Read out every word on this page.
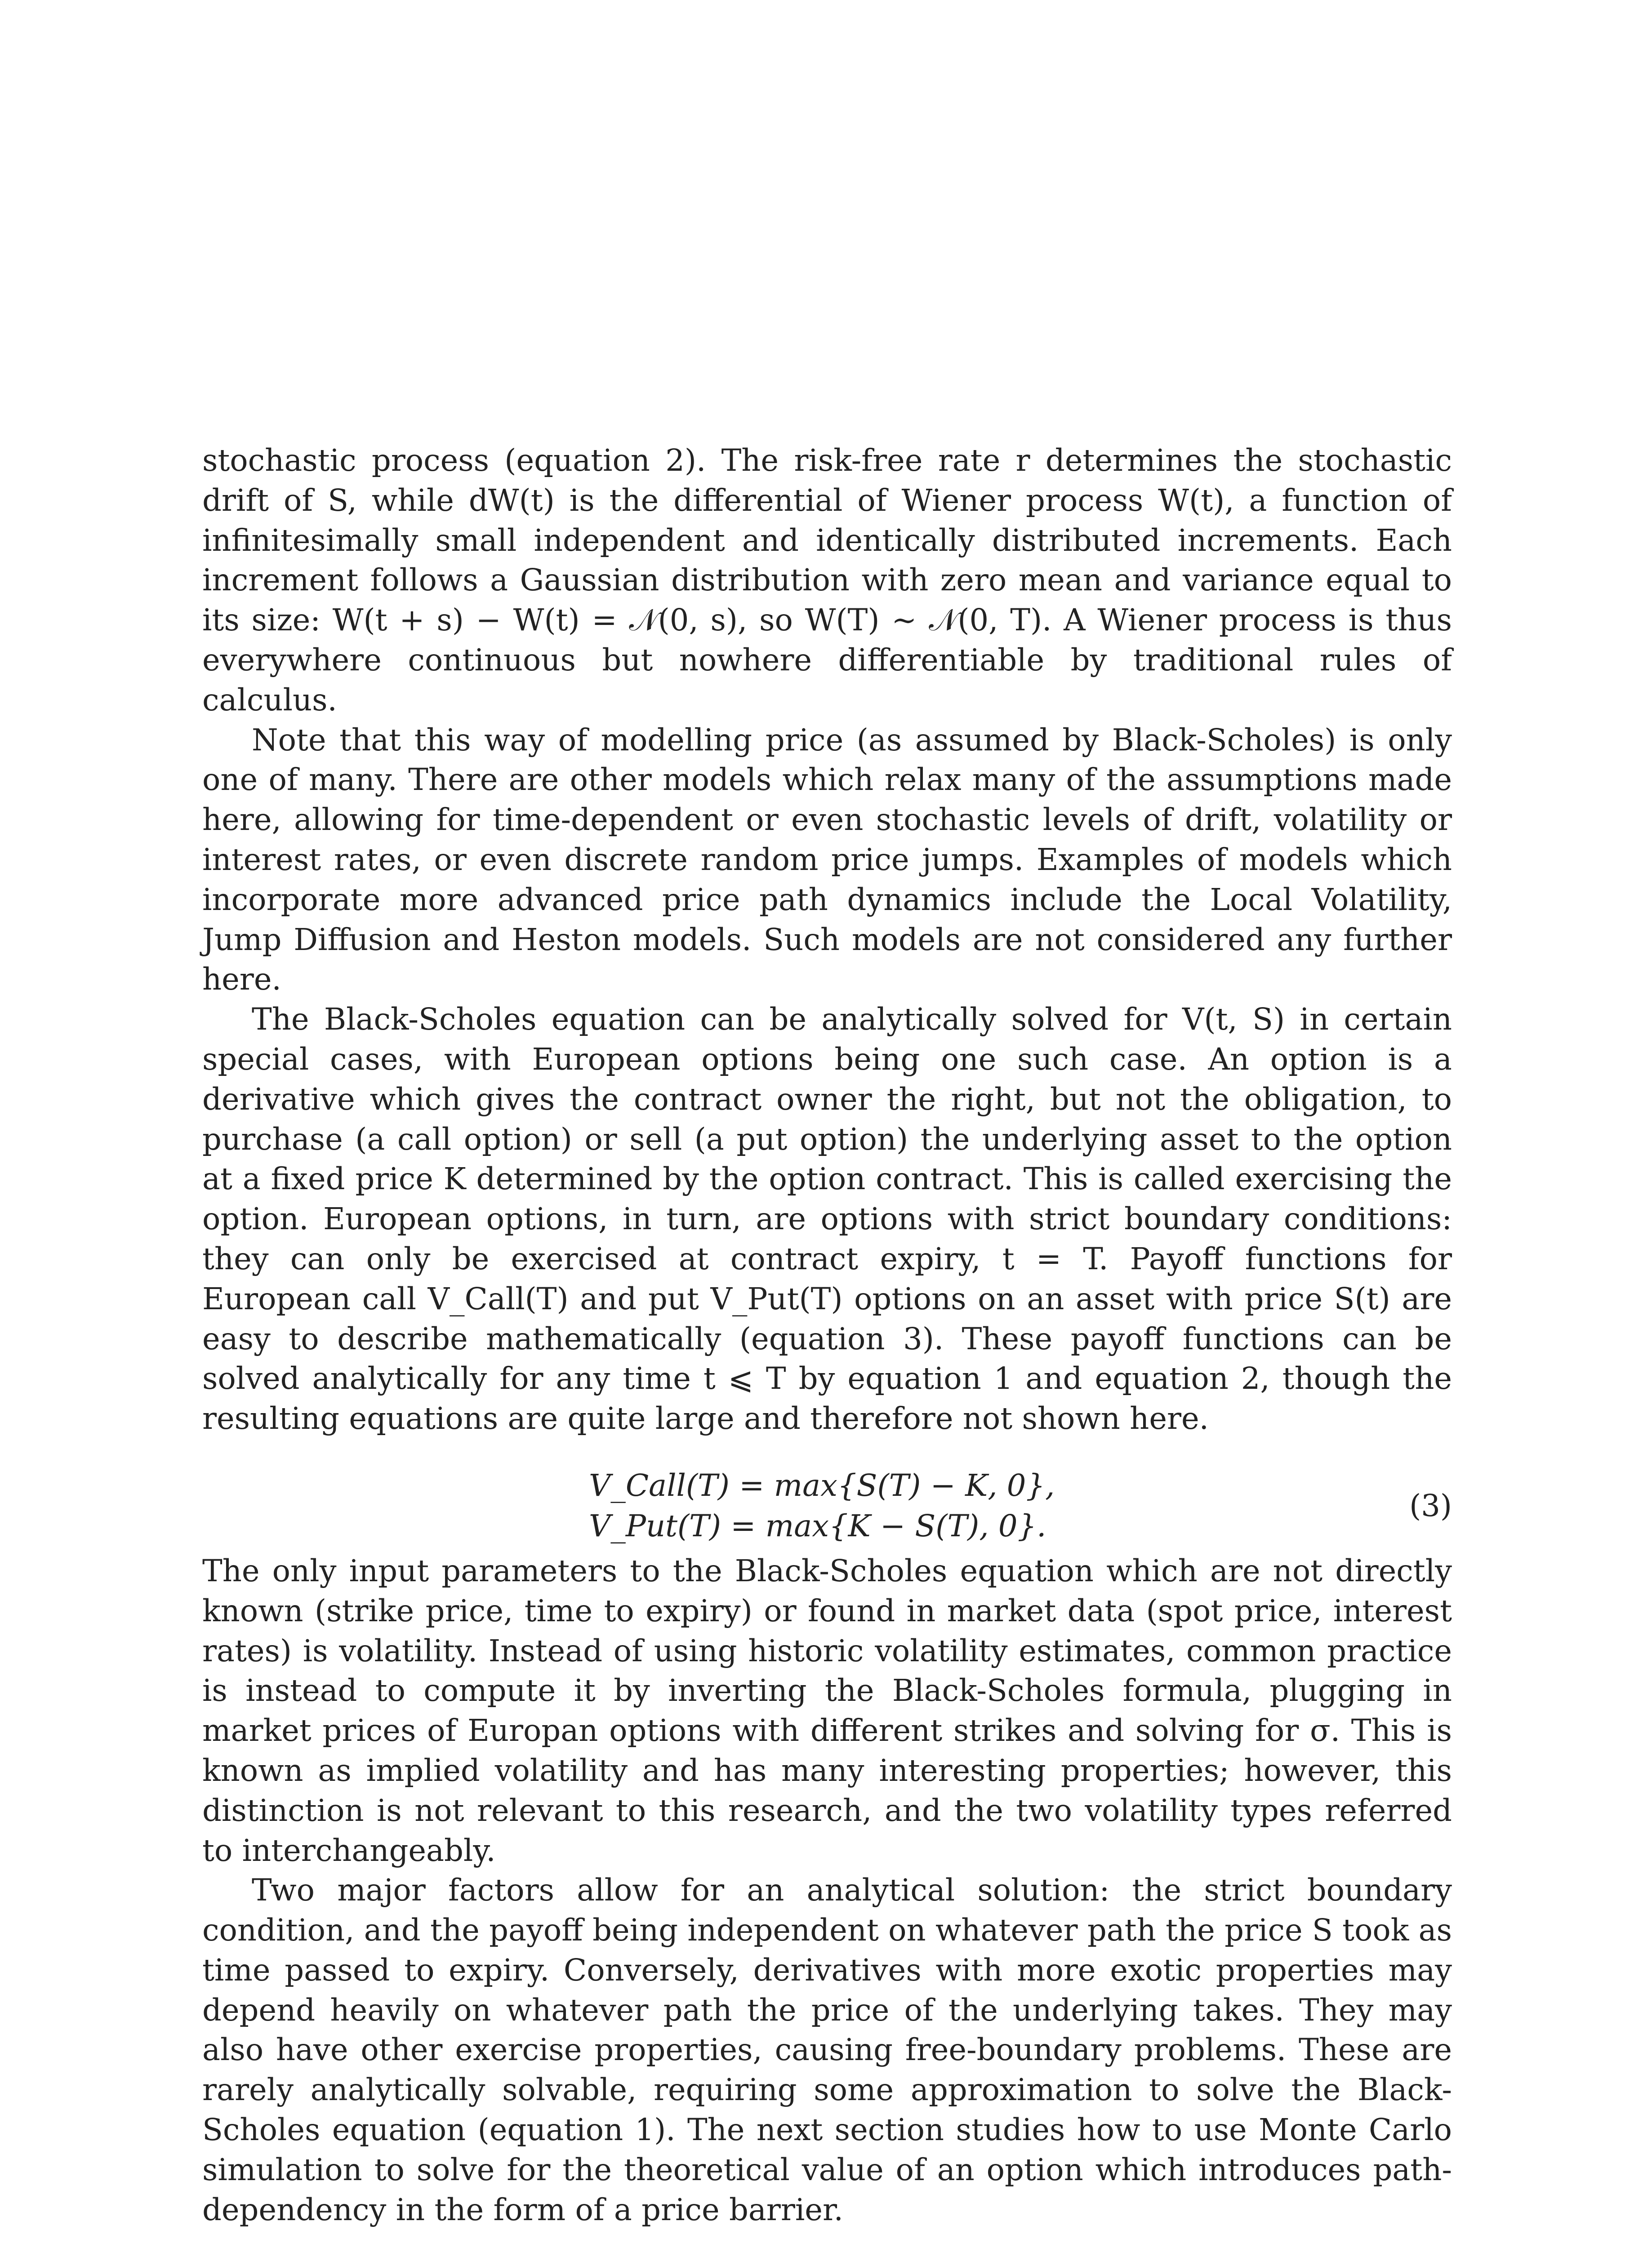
stochastic process (equation 2). The risk-free rate r determines the stochastic drift of S, while dW(t) is the differential of Wiener process W(t), a function of infinitesimally small independent and identically distributed increments. Each increment follows a Gaussian distribution with zero mean and variance equal to its size: W(t + s) − W(t) = 𝒩(0, s), so W(T) ∼ 𝒩(0, T). A Wiener process is thus everywhere continuous but nowhere differentiable by traditional rules of calculus.

Note that this way of modelling price (as assumed by Black-Scholes) is only one of many. There are other models which relax many of the assumptions made here, allowing for time-dependent or even stochastic levels of drift, volatility or interest rates, or even discrete random price jumps. Examples of models which incorporate more advanced price path dynamics include the Local Volatility, Jump Diffusion and Heston models. Such models are not considered any further here.

The Black-Scholes equation can be analytically solved for V(t, S) in certain special cases, with European options being one such case. An option is a derivative which gives the contract owner the right, but not the obligation, to purchase (a call option) or sell (a put option) the underlying asset to the option at a fixed price K determined by the option contract. This is called exercising the option. European options, in turn, are options with strict boundary conditions: they can only be exercised at contract expiry, t = T. Payoff functions for European call V_Call(T) and put V_Put(T) options on an asset with price S(t) are easy to describe mathematically (equation 3). These payoff functions can be solved analytically for any time t ⩽ T by equation 1 and equation 2, though the resulting equations are quite large and therefore not shown here.

V_Call(T) = max{S(T) − K, 0},
V_Put(T) = max{K − S(T), 0}.
(3)

The only input parameters to the Black-Scholes equation which are not directly known (strike price, time to expiry) or found in market data (spot price, interest rates) is volatility. Instead of using historic volatility estimates, common practice is instead to compute it by inverting the Black-Scholes formula, plugging in market prices of Europan options with different strikes and solving for σ. This is known as implied volatility and has many interesting properties; however, this distinction is not relevant to this research, and the two volatility types referred to interchangeably.

Two major factors allow for an analytical solution: the strict boundary condition, and the payoff being independent on whatever path the price S took as time passed to expiry. Conversely, derivatives with more exotic properties may depend heavily on whatever path the price of the underlying takes. They may also have other exercise properties, causing free-boundary problems. These are rarely analytically solvable, requiring some approximation to solve the Black-Scholes equation (equation 1). The next section studies how to use Monte Carlo simulation to solve for the theoretical value of an option which introduces path-dependency in the form of a price barrier.
